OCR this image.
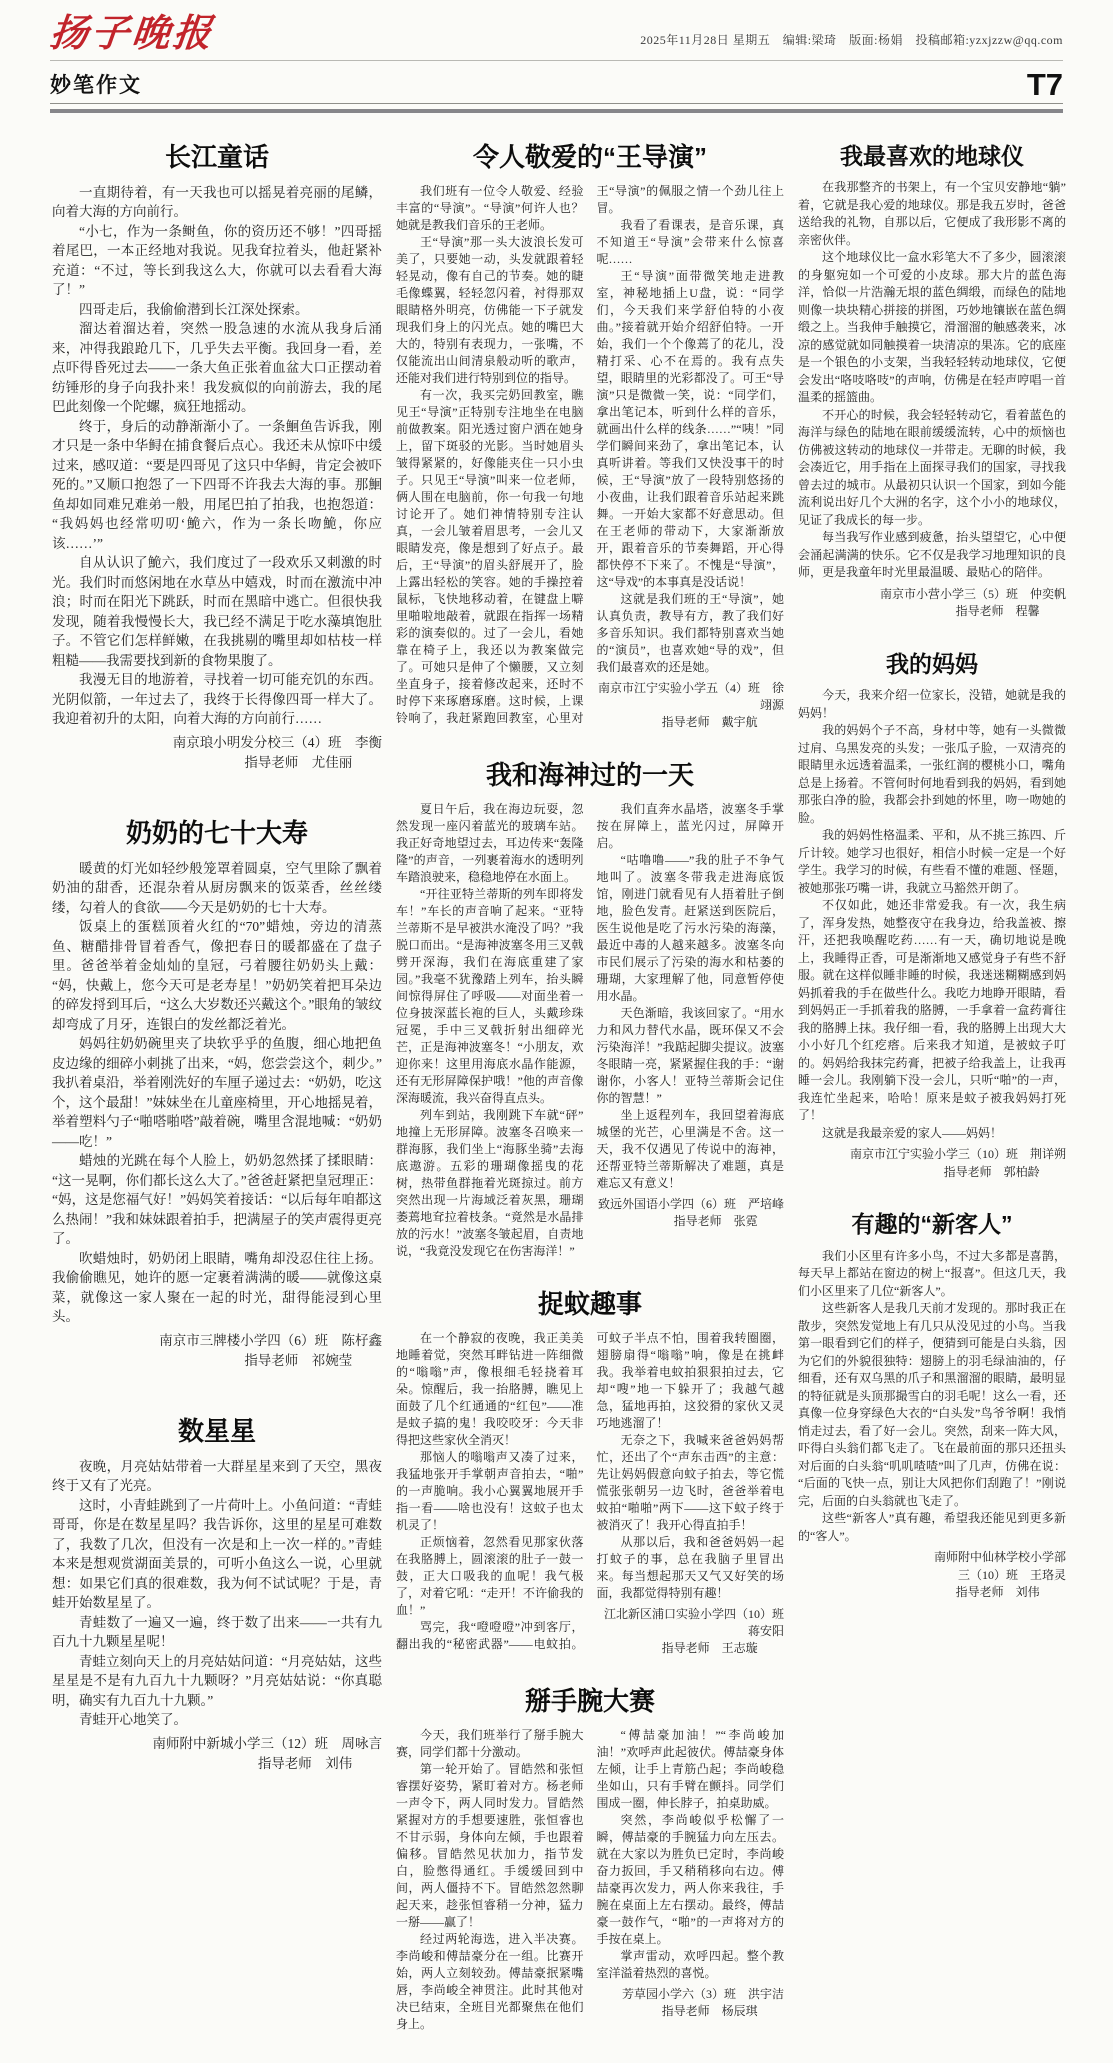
扬子晚报	2025年11月28日 星期五　编辑:梁琦　版面:杨娟　投稿邮箱:yzxjzzw@qq.com
妙笔作文	T7
长江童话

一直期待着，有一天我也可以摇晃着亮丽的尾鳞，向着大海的方向前行。

“小七，作为一条鲥鱼，你的资历还不够！”四哥摇着尾巴，一本正经地对我说。见我耷拉着头，他赶紧补充道：“不过，等长到我这么大，你就可以去看看大海了！”

四哥走后，我偷偷潜到长江深处探索。

溜达着溜达着，突然一股急速的水流从我身后涌来，冲得我踉跄几下，几乎失去平衡。我回身一看，差点吓得昏死过去——一条大鱼正张着血盆大口正摆动着纺锤形的身子向我扑来！我发疯似的向前游去，我的尾巴此刻像一个陀螺，疯狂地摇动。

终于，身后的动静渐渐小了。一条鮰鱼告诉我，刚才只是一条中华鲟在捕食餐后点心。我还未从惊吓中缓过来，感叹道：“要是四哥见了这只中华鲟，肯定会被吓死的。”又顺口抱怨了一下四哥不许我去大海的事。那鮰鱼却如同难兄难弟一般，用尾巴拍了拍我，也抱怨道：“我妈妈也经常叨叨‘鮠六，作为一条长吻鮠，你应该……’”

自从认识了鮠六，我们度过了一段欢乐又刺激的时光。我们时而悠闲地在水草丛中嬉戏，时而在激流中冲浪；时而在阳光下跳跃，时而在黑暗中逃亡。但很快我发现，随着我慢慢长大，我已经不满足于吃水藻填饱肚子。不管它们怎样鲜嫩，在我挑剔的嘴里却如枯枝一样粗糙——我需要找到新的食物果腹了。

我漫无目的地游着，寻找着一切可能充饥的东西。光阴似箭，一年过去了，我终于长得像四哥一样大了。我迎着初升的太阳，向着大海的方向前行……

南京琅小明发分校三（4）班　李衡
指导老师　尤佳丽
奶奶的七十大寿

暖黄的灯光如轻纱般笼罩着圆桌，空气里除了飘着奶油的甜香，还混杂着从厨房飘来的饭菜香，丝丝缕缕，勾着人的食欲——今天是奶奶的七十大寿。

饭桌上的蛋糕顶着火红的“70”蜡烛，旁边的清蒸鱼、糖醋排骨冒着香气，像把春日的暖都盛在了盘子里。爸爸举着金灿灿的皇冠，弓着腰往奶奶头上戴：“妈，快戴上，您今天可是老寿星！”奶奶笑着把耳朵边的碎发捋到耳后，“这么大岁数还兴戴这个。”眼角的皱纹却弯成了月牙，连银白的发丝都泛着光。

妈妈往奶奶碗里夹了块软乎乎的鱼腹，细心地把鱼皮边缘的细碎小刺挑了出来，“妈，您尝尝这个，刺少。”我扒着桌沿，举着刚洗好的车厘子递过去：“奶奶，吃这个，这个最甜！”妹妹坐在儿童座椅里，开心地摇晃着，举着塑料勺子“啪嗒啪嗒”敲着碗，嘴里含混地喊：“奶奶——吃！”

蜡烛的光跳在每个人脸上，奶奶忽然揉了揉眼睛：“这一晃啊，你们都长这么大了。”爸爸赶紧把皇冠理正：“妈，这是您福气好！”妈妈笑着接话：“以后每年咱都这么热闹！”我和妹妹跟着拍手，把满屋子的笑声震得更亮了。

吹蜡烛时，奶奶闭上眼睛，嘴角却没忍住往上扬。我偷偷瞧见，她许的愿一定裹着满满的暖——就像这桌菜，就像这一家人聚在一起的时光，甜得能浸到心里头。

南京市三牌楼小学四（6）班　陈杍鑫
指导老师　祁婉莹
数星星

夜晚，月亮姑姑带着一大群星星来到了天空，黑夜终于又有了光亮。

这时，小青蛙跳到了一片荷叶上。小鱼问道：“青蛙哥哥，你是在数星星吗？我告诉你，这里的星星可难数了，我数了几次，但没有一次是和上一次一样的。”青蛙本来是想观赏湖面美景的，可听小鱼这么一说，心里就想：如果它们真的很难数，我为何不试试呢？于是，青蛙开始数星星了。

青蛙数了一遍又一遍，终于数了出来——一共有九百九十九颗星星呢！

青蛙立刻向天上的月亮姑姑问道：“月亮姑姑，这些星星是不是有九百九十九颗呀？”月亮姑姑说：“你真聪明，确实有九百九十九颗。”

青蛙开心地笑了。

南师附中新城小学三（12）班　周咏言
指导老师　刘伟
令人敬爱的“王导演”

我们班有一位令人敬爱、经验丰富的“导演”。“导演”何许人也？她就是教我们音乐的王老师。

王“导演”那一头大波浪长发可美了，只要她一动，头发就跟着轻轻晃动，像有自己的节奏。她的睫毛像蝶翼，轻轻忽闪着，衬得那双眼睛格外明亮，仿佛能一下子就发现我们身上的闪光点。她的嘴巴大大的，特别有表现力，一张嘴，不仅能流出山间清泉般动听的歌声，还能对我们进行特别到位的指导。

有一次，我买完奶回教室，瞧见王“导演”正特别专注地坐在电脑前做教案。阳光透过窗户洒在她身上，留下斑驳的光影。当时她眉头皱得紧紧的，好像能夹住一只小虫子。只见王“导演”叫来一位老师，俩人围在电脑前，你一句我一句地讨论开了。她们神情特别专注认真，一会儿皱着眉思考，一会儿又眼睛发亮，像是想到了好点子。最后，王“导演”的眉头舒展开了，脸上露出轻松的笑容。她的手操控着鼠标，飞快地移动着，在键盘上噼里啪啦地敲着，就跟在指挥一场精彩的演奏似的。过了一会儿，看她靠在椅子上，我还以为教案做完了。可她只是伸了个懒腰，又立刻坐直身子，接着修改起来，还时不时停下来琢磨琢磨。这时候，上课铃响了，我赶紧跑回教室，心里对王“导演”的佩服之情一个劲儿往上冒。

我看了看课表，是音乐课，真不知道王“导演”会带来什么惊喜呢……

王“导演”面带微笑地走进教室，神秘地插上U盘，说：“同学们，今天我们来学舒伯特的小夜曲。”接着就开始介绍舒伯特。一开始，我们一个个像蔫了的花儿，没精打采、心不在焉的。我有点失望，眼睛里的光彩都没了。可王“导演”只是微微一笑，说：“同学们，拿出笔记本，听到什么样的音乐，就画出什么样的线条……”“咦！”同学们瞬间来劲了，拿出笔记本，认真听讲着。等我们又快没事干的时候，王“导演”放了一段特别悠扬的小夜曲，让我们跟着音乐站起来跳舞。一开始大家都不好意思动。但在王老师的带动下，大家渐渐放开，跟着音乐的节奏舞蹈，开心得都快停不下来了。不愧是“导演”，这“导戏”的本事真是没话说！

这就是我们班的王“导演”，她认真负责，教导有方，教了我们好多音乐知识。我们都特别喜欢当她的“演员”，也喜欢她“导的戏”，但我们最喜欢的还是她。

南京市江宁实验小学五（4）班　徐翊源
指导老师　戴宇航
我和海神过的一天

夏日午后，我在海边玩耍，忽然发现一座闪着蓝光的玻璃车站。我正好奇地望过去，耳边传来“轰隆隆”的声音，一列裹着海水的透明列车踏浪驶来，稳稳地停在水面上。

“开往亚特兰蒂斯的列车即将发车！”车长的声音响了起来。“亚特兰蒂斯不是早被洪水淹没了吗？”我脱口而出。“是海神波塞冬用三叉戟劈开深海，我们在海底重建了家园。”我毫不犹豫踏上列车，抬头瞬间惊得屏住了呼吸——对面坐着一位身披深蓝长袍的巨人，头戴珍珠冠冕，手中三叉戟折射出细碎光芒，正是海神波塞冬！“小朋友，欢迎你来！这里用海底水晶作能源，还有无形屏障保护哦！”他的声音像深海暖流，我兴奋得直点头。

列车到站，我刚跳下车就“砰”地撞上无形屏障。波塞冬召唤来一群海豚，我们坐上“海豚坐骑”去海底遨游。五彩的珊瑚像摇曳的花树，热带鱼群拖着光斑掠过。前方突然出现一片海域泛着灰黑，珊瑚萎蔫地耷拉着枝条。“竟然是水晶排放的污水！”波塞冬皱起眉，自责地说，“我竟没发现它在伤害海洋！”

我们直奔水晶塔，波塞冬手掌按在屏障上，蓝光闪过，屏障开启。

“咕噜噜——”我的肚子不争气地叫了。波塞冬带我走进海底饭馆，刚进门就看见有人捂着肚子倒地，脸色发青。赶紧送到医院后，医生说他是吃了污水污染的海藻，最近中毒的人越来越多。波塞冬向市民们展示了污染的海水和枯萎的珊瑚，大家理解了他，同意暂停使用水晶。

天色渐暗，我该回家了。“用水力和风力替代水晶，既环保又不会污染海洋！”我踮起脚尖提议。波塞冬眼睛一亮，紧紧握住我的手：“谢谢你，小客人！亚特兰蒂斯会记住你的智慧！”

坐上返程列车，我回望着海底城堡的光芒，心里满是不舍。这一天，我不仅遇见了传说中的海神，还帮亚特兰蒂斯解决了难题，真是难忘又有意义！

致远外国语小学四（6）班　严培峰
指导老师　张霓
捉蚊趣事

在一个静寂的夜晚，我正美美地睡着觉，突然耳畔钻进一阵细微的“嗡嗡”声，像根细毛轻挠着耳朵。惊醒后，我一抬胳膊，瞧见上面鼓了几个红通通的“红包”——准是蚊子搞的鬼！我咬咬牙：今天非得把这些家伙全消灭！

那恼人的嗡嗡声又凑了过来，我猛地张开手掌朝声音拍去，“啪”的一声脆响。我小心翼翼地展开手指一看——啥也没有！这蚊子也太机灵了！

正烦恼着，忽然看见那家伙落在我胳膊上，圆滚滚的肚子一鼓一鼓，正大口吸我的血呢！我气极了，对着它吼：“走开！不许偷我的血！”

骂完，我“噔噔噔”冲到客厅，翻出我的“秘密武器”——电蚊拍。可蚊子半点不怕，围着我转圈圈，翅膀扇得“嗡嗡”响，像是在挑衅我。我举着电蚊拍狠狠拍过去，它却“嗖”地一下躲开了；我越气越急，猛地再拍，这狡猾的家伙又灵巧地逃溜了！

无奈之下，我喊来爸爸妈妈帮忙，还出了个“声东击西”的主意：先让妈妈假意向蚊子拍去，等它慌慌张张朝另一边飞时，爸爸举着电蚊拍“啪啪”两下——这下蚊子终于被消灭了！我开心得直拍手！

从那以后，我和爸爸妈妈一起打蚊子的事，总在我脑子里冒出来。每当想起那天又气又好笑的场面，我都觉得特别有趣！

江北新区浦口实验小学四（10）班　蒋安阳
指导老师　王志璇
掰手腕大赛

今天，我们班举行了掰手腕大赛，同学们都十分激动。

第一轮开始了。冒皓然和张恒睿摆好姿势，紧盯着对方。杨老师一声令下，两人同时发力。冒皓然紧握对方的手想要速胜，张恒睿也不甘示弱，身体向左倾，手也跟着偏移。冒皓然见状加力，指节发白，脸憋得通红。手缓缓回到中间，两人僵持不下。冒皓然忽然聊起天来，趁张恒睿稍一分神，猛力一掰——赢了！

经过两轮海选，进入半决赛。李尚峻和傅喆豪分在一组。比赛开始，两人立刻较劲。傅喆豪抿紧嘴唇，李尚峻全神贯注。此时其他对决已结束，全班目光都聚焦在他们身上。

“傅喆豪加油！”“李尚峻加油！”欢呼声此起彼伏。傅喆豪身体左倾，让手上青筋凸起；李尚峻稳坐如山，只有手臂在颤抖。同学们围成一圈，伸长脖子，拍桌助威。

突然，李尚峻似乎松懈了一瞬，傅喆豪的手腕猛力向左压去。就在大家以为胜负已定时，李尚峻奋力扳回，手又稍稍移向右边。傅喆豪再次发力，两人你来我往，手腕在桌面上左右摆动。最终，傅喆豪一鼓作气，“啪”的一声将对方的手按在桌上。

掌声雷动，欢呼四起。整个教室洋溢着热烈的喜悦。

芳草园小学六（3）班　洪宇洁
指导老师　杨辰琪
我最喜欢的地球仪

在我那整齐的书架上，有一个宝贝安静地“躺”着，它就是我心爱的地球仪。那是我五岁时，爸爸送给我的礼物，自那以后，它便成了我形影不离的亲密伙伴。

这个地球仪比一盒水彩笔大不了多少，圆滚滚的身躯宛如一个可爱的小皮球。那大片的蓝色海洋，恰似一片浩瀚无垠的蓝色绸缎，而绿色的陆地则像一块块精心拼接的拼图，巧妙地镶嵌在蓝色绸缎之上。当我伸手触摸它，滑溜溜的触感袭来，冰凉的感觉就如同触摸着一块清凉的果冻。它的底座是一个银色的小支架，当我轻轻转动地球仪，它便会发出“咯吱咯吱”的声响，仿佛是在轻声哼唱一首温柔的摇篮曲。

不开心的时候，我会轻轻转动它，看着蓝色的海洋与绿色的陆地在眼前缓缓流转，心中的烦恼也仿佛被这转动的地球仪一并带走。无聊的时候，我会凑近它，用手指在上面探寻我们的国家，寻找我曾去过的城市。从最初只认识一个国家，到如今能流利说出好几个大洲的名字，这个小小的地球仪，见证了我成长的每一步。

每当我写作业感到疲惫，抬头望望它，心中便会涌起满满的快乐。它不仅是我学习地理知识的良师，更是我童年时光里最温暖、最贴心的陪伴。

南京市小营小学三（5）班　仲奕帆
指导老师　程馨
我的妈妈

今天，我来介绍一位家长，没错，她就是我的妈妈！

我的妈妈个子不高，身材中等，她有一头微微过肩、乌黑发亮的头发；一张瓜子脸，一双清亮的眼睛里永远透着温柔，一张红润的樱桃小口，嘴角总是上扬着。不管何时何地看到我的妈妈，看到她那张白净的脸，我都会扑到她的怀里，吻一吻她的脸。

我的妈妈性格温柔、平和，从不挑三拣四、斤斤计较。她学习也很好，相信小时候一定是一个好学生。我学习的时候，有些看不懂的难题、怪题，被她那张巧嘴一讲，我就立马豁然开朗了。

不仅如此，她还非常爱我。有一次，我生病了，浑身发热，她整夜守在我身边，给我盖被、擦汗，还把我唤醒吃药……有一天，确切地说是晚上，我睡得正香，可是渐渐地又感觉身子有些不舒服。就在这样似睡非睡的时候，我迷迷糊糊感到妈妈抓着我的手在做些什么。我吃力地睁开眼睛，看到妈妈正一手抓着我的胳膊，一手拿着一盒药膏往我的胳膊上抹。我仔细一看，我的胳膊上出现大大小小好几个红疙瘩。后来我才知道，是被蚊子叮的。妈妈给我抹完药膏，把被子给我盖上，让我再睡一会儿。我刚躺下没一会儿，只听“啪”的一声，我连忙坐起来，哈哈！原来是蚊子被我妈妈打死了！

这就是我最亲爱的家人——妈妈！

南京市江宁实验小学三（10）班　荆详朔
指导老师　郭柏龄
有趣的“新客人”

我们小区里有许多小鸟，不过大多都是喜鹊，每天早上都站在窗边的树上“报喜”。但这几天，我们小区里来了几位“新客人”。

这些新客人是我几天前才发现的。那时我正在散步，突然发觉地上有几只从没见过的小鸟。当我第一眼看到它们的样子，便猜到可能是白头翁，因为它们的外貌很独特：翅膀上的羽毛绿油油的，仔细看，还有双乌黑的爪子和黑溜溜的眼睛，最明显的特征就是头顶那撮雪白的羽毛呢！这么一看，还真像一位身穿绿色大衣的“白头发”鸟爷爷啊！我悄悄走过去，看了好一会儿。突然，刮来一阵大风，吓得白头翁们都飞走了。飞在最前面的那只还扭头对后面的白头翁“叽叽喳喳”叫了几声，仿佛在说：“后面的飞快一点，别让大风把你们刮跑了！”刚说完，后面的白头翁就也飞走了。

这些“新客人”真有趣，希望我还能见到更多新的“客人”。

南师附中仙林学校小学部
三（10）班　王珞灵
指导老师　刘伟
